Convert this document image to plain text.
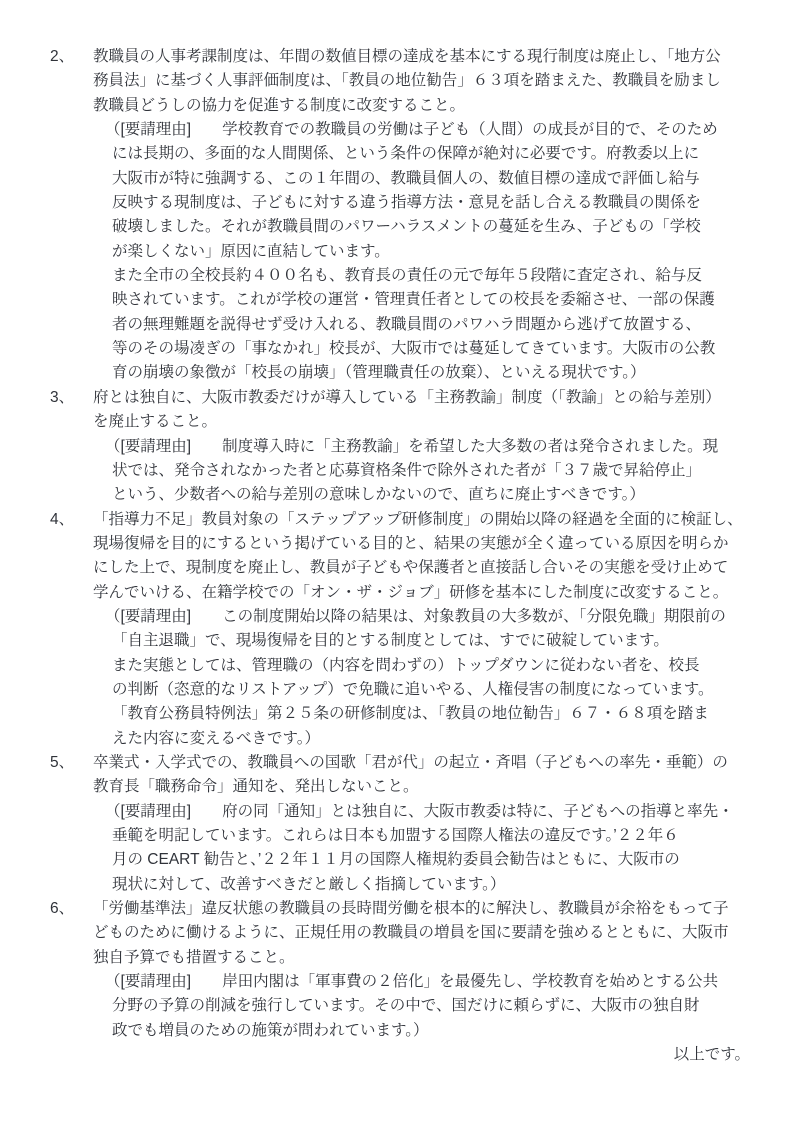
2、 教職員の人事考課制度は、年間の数値目標の達成を基本にする現行制度は廃止し、「地方公
務員法」に基づく人事評価制度は、「教員の地位勧告」６３項を踏まえた、教職員を励まし
教職員どうしの協力を促進する制度に改変すること。
（[要請理由]　　学校教育での教職員の労働は子ども（人間）の成長が目的で、そのため
には長期の、多面的な人間関係、という条件の保障が絶対に必要です。府教委以上に
大阪市が特に強調する、この１年間の、教職員個人の、数値目標の達成で評価し給与
反映する現制度は、子どもに対する違う指導方法・意見を話し合える教職員の関係を
破壊しました。それが教職員間のパワーハラスメントの蔓延を生み、子どもの「学校
が楽しくない」原因に直結しています。
また全市の全校長約４００名も、教育長の責任の元で毎年５段階に査定され、給与反
映されています。これが学校の運営・管理責任者としての校長を委縮させ、一部の保護
者の無理難題を説得せず受け入れる、教職員間のパワハラ問題から逃げて放置する、
等のその場凌ぎの「事なかれ」校長が、大阪市では蔓延してきています。大阪市の公教
育の崩壊の象徴が「校長の崩壊」（管理職責任の放棄）、といえる現状です。）
3、 府とは独自に、大阪市教委だけが導入している「主務教諭」制度（「教諭」との給与差別）
を廃止すること。
（[要請理由]　　制度導入時に「主務教諭」を希望した大多数の者は発令されました。現
状では、発令されなかった者と応募資格条件で除外された者が「３７歳で昇給停止」
という、少数者への給与差別の意味しかないので、直ちに廃止すべきです。）
4、 「指導力不足」教員対象の「ステップアップ研修制度」の開始以降の経過を全面的に検証し、
現場復帰を目的にするという掲げている目的と、結果の実態が全く違っている原因を明らか
にした上で、現制度を廃止し、教員が子どもや保護者と直接話し合いその実態を受け止めて
学んでいける、在籍学校での「オン・ザ・ジョブ」研修を基本にした制度に改変すること。
（[要請理由]　　この制度開始以降の結果は、対象教員の大多数が、「分限免職」期限前の
「自主退職」で、現場復帰を目的とする制度としては、すでに破綻しています。
また実態としては、管理職の（内容を問わずの）トップダウンに従わない者を、校長
の判断（恣意的なリストアップ）で免職に追いやる、人権侵害の制度になっています。
「教育公務員特例法」第２５条の研修制度は、「教員の地位勧告」６７・６８項を踏ま
えた内容に変えるべきです。）
5、 卒業式・入学式での、教職員への国歌「君が代」の起立・斉唱（子どもへの率先・垂範）の
教育長「職務命令」通知を、発出しないこと。
（[要請理由]　　府の同「通知」とは独自に、大阪市教委は特に、子どもへの指導と率先・
垂範を明記しています。これらは日本も加盟する国際人権法の違反です。’２２年６
月の CEART 勧告と、’２２年１１月の国際人権規約委員会勧告はともに、大阪市の
現状に対して、改善すべきだと厳しく指摘しています。）
6、 「労働基準法」違反状態の教職員の長時間労働を根本的に解決し、教職員が余裕をもって子
どものために働けるように、正規任用の教職員の増員を国に要請を強めるとともに、大阪市
独自予算でも措置すること。
（[要請理由]　　岸田内閣は「軍事費の２倍化」を最優先し、学校教育を始めとする公共
分野の予算の削減を強行しています。その中で、国だけに頼らずに、大阪市の独自財
政でも増員のための施策が問われています。）
以上です。
